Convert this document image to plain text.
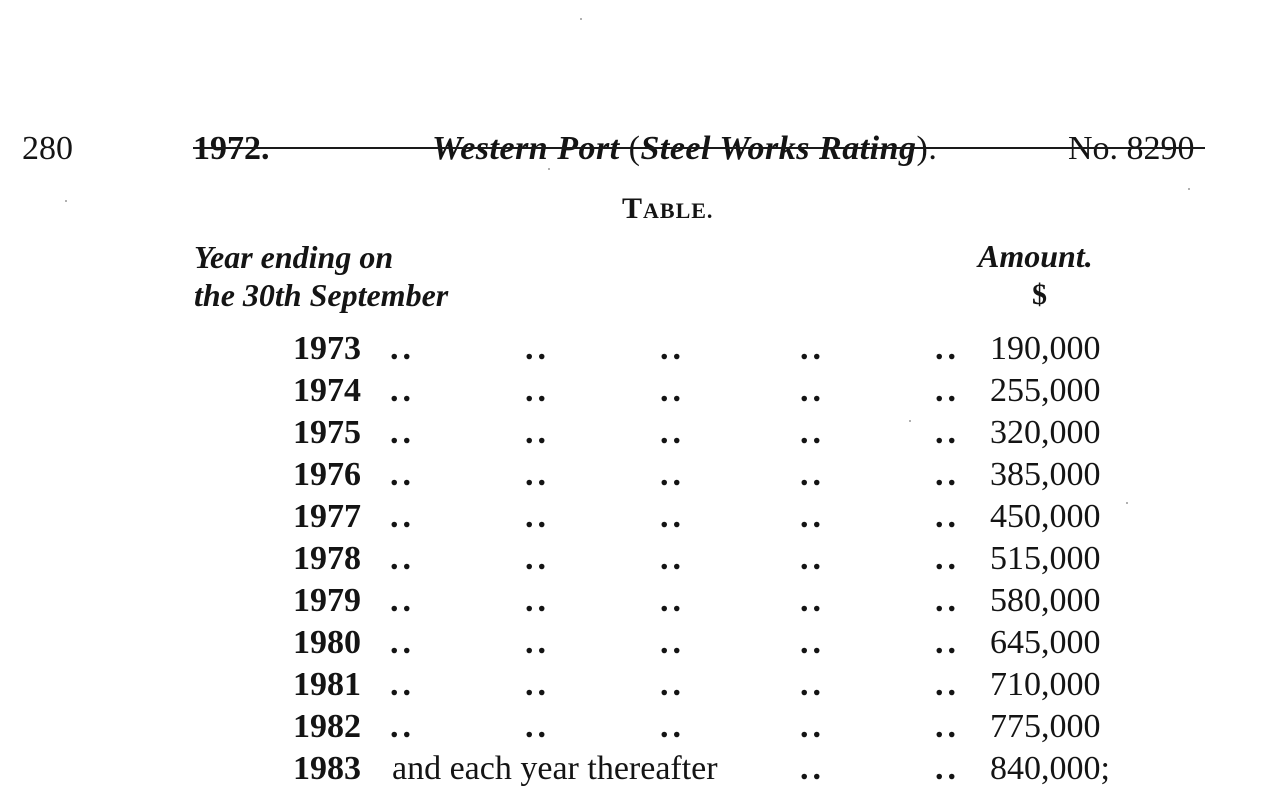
280	1972.	Western Port (Steel Works Rating).	No. 8290
TABLE.
Year ending on
the 30th September
Amount.
$
1973 ..	..	..	..	.. 190,000
1974 ..	..	..	..	.. 255,000
1975 ..	..	..	..	.. 320,000
1976 ..	..	..	..	.. 385,000
1977 ..	..	..	..	.. 450,000
1978 ..	..	..	..	.. 515,000
1979 ..	..	..	..	.. 580,000
1980 ..	..	..	..	.. 645,000
1981 ..	..	..	..	.. 710,000
1982 ..	..	..	..	.. 775,000
1983 and each year thereafter ..	.. 840,000;
